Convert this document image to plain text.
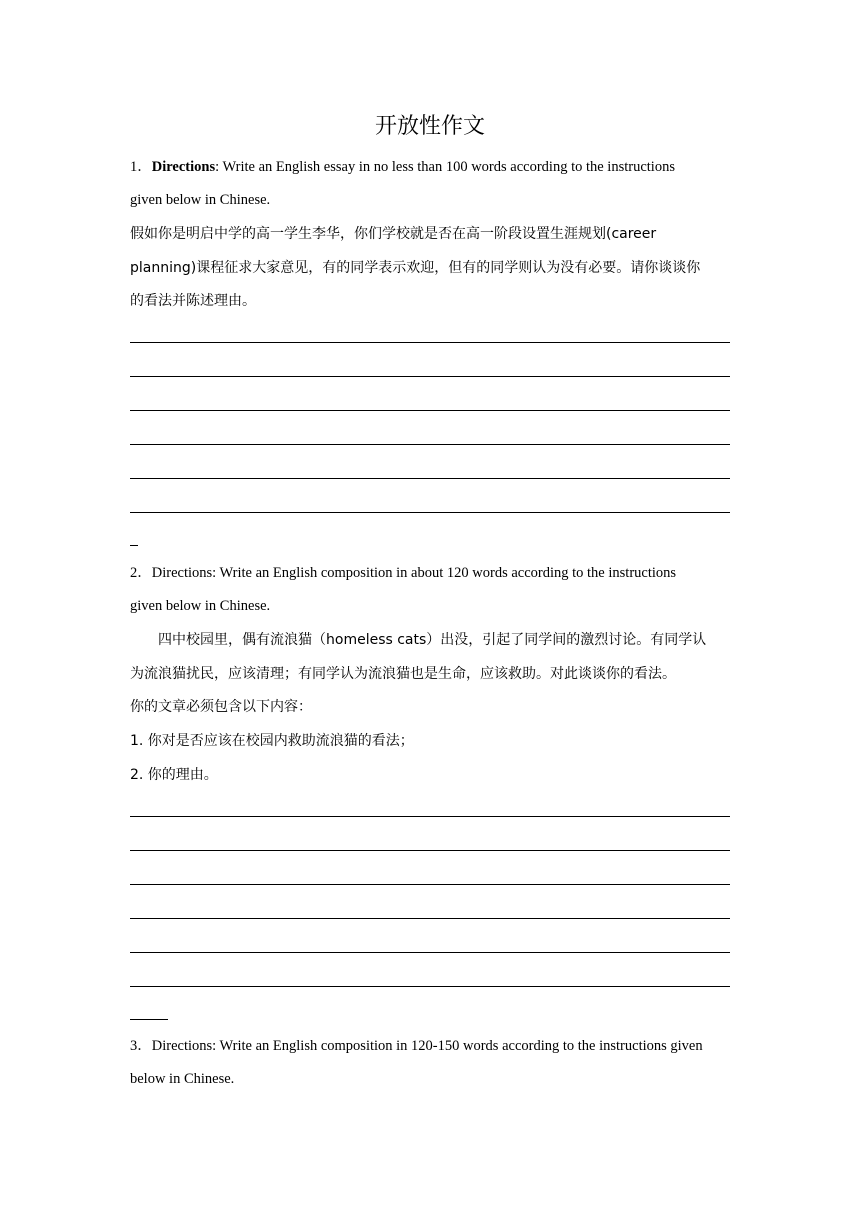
开放性作文
1．Directions: Write an English essay in no less than 100 words according to the instructions
given below in Chinese.
假如你是明启中学的高一学生李华，你们学校就是否在高一阶段设置生涯规划(career
planning)课程征求大家意见，有的同学表示欢迎，但有的同学则认为没有必要。请你谈谈你
的看法并陈述理由。
2．Directions: Write an English composition in about 120 words according to the instructions
given below in Chinese.
四中校园里，偶有流浪猫（homeless cats）出没，引起了同学间的激烈讨论。有同学认
为流浪猫扰民，应该清理；有同学认为流浪猫也是生命，应该救助。对此谈谈你的看法。
你的文章必须包含以下内容：
1. 你对是否应该在校园内救助流浪猫的看法；
2. 你的理由。
3．Directions: Write an English composition in 120-150 words according to the instructions given
below in Chinese.
